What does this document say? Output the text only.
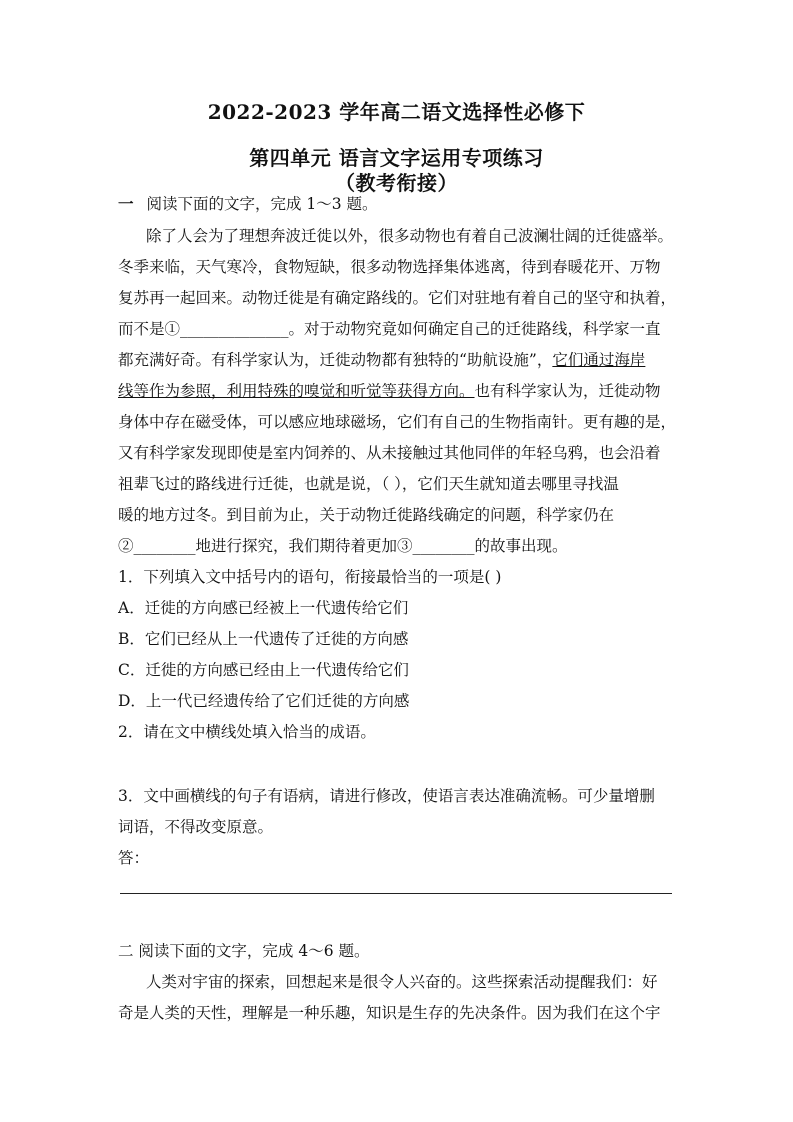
2022-2023 学年高二语文选择性必修下
第四单元 语言文字运用专项练习
（教考衔接）
一 阅读下面的文字，完成 1～3 题。
除了人会为了理想奔波迁徙以外，很多动物也有着自己波澜壮阔的迁徙盛举。
冬季来临，天气寒冷，食物短缺，很多动物选择集体逃离，待到春暖花开、万物
复苏再一起回来。动物迁徙是有确定路线的。它们对驻地有着自己的坚守和执着，
而不是①______________。对于动物究竟如何确定自己的迁徙路线，科学家一直
都充满好奇。有科学家认为，迁徙动物都有独特的“助航设施”，它们通过海岸
线等作为参照，利用特殊的嗅觉和听觉等获得方向。也有科学家认为，迁徙动物
身体中存在磁受体，可以感应地球磁场，它们有自己的生物指南针。更有趣的是，
又有科学家发现即使是室内饲养的、从未接触过其他同伴的年轻乌鸦，也会沿着
祖辈飞过的路线进行迁徙，也就是说，（ ），它们天生就知道去哪里寻找温
暖的地方过冬。到目前为止，关于动物迁徙路线确定的问题，科学家仍在
②________地进行探究，我们期待着更加③________的故事出现。
1．下列填入文中括号内的语句，衔接最恰当的一项是( )
A．迁徙的方向感已经被上一代遗传给它们
B．它们已经从上一代遗传了迁徙的方向感
C．迁徙的方向感已经由上一代遗传给它们
D．上一代已经遗传给了它们迁徙的方向感
2．请在文中横线处填入恰当的成语。
3．文中画横线的句子有语病，请进行修改，使语言表达准确流畅。可少量增删
词语，不得改变原意。
答：
二 阅读下面的文字，完成 4～6 题。
人类对宇宙的探索，回想起来是很令人兴奋的。这些探索活动提醒我们：好
奇是人类的天性，理解是一种乐趣，知识是生存的先决条件。因为我们在这个宇
